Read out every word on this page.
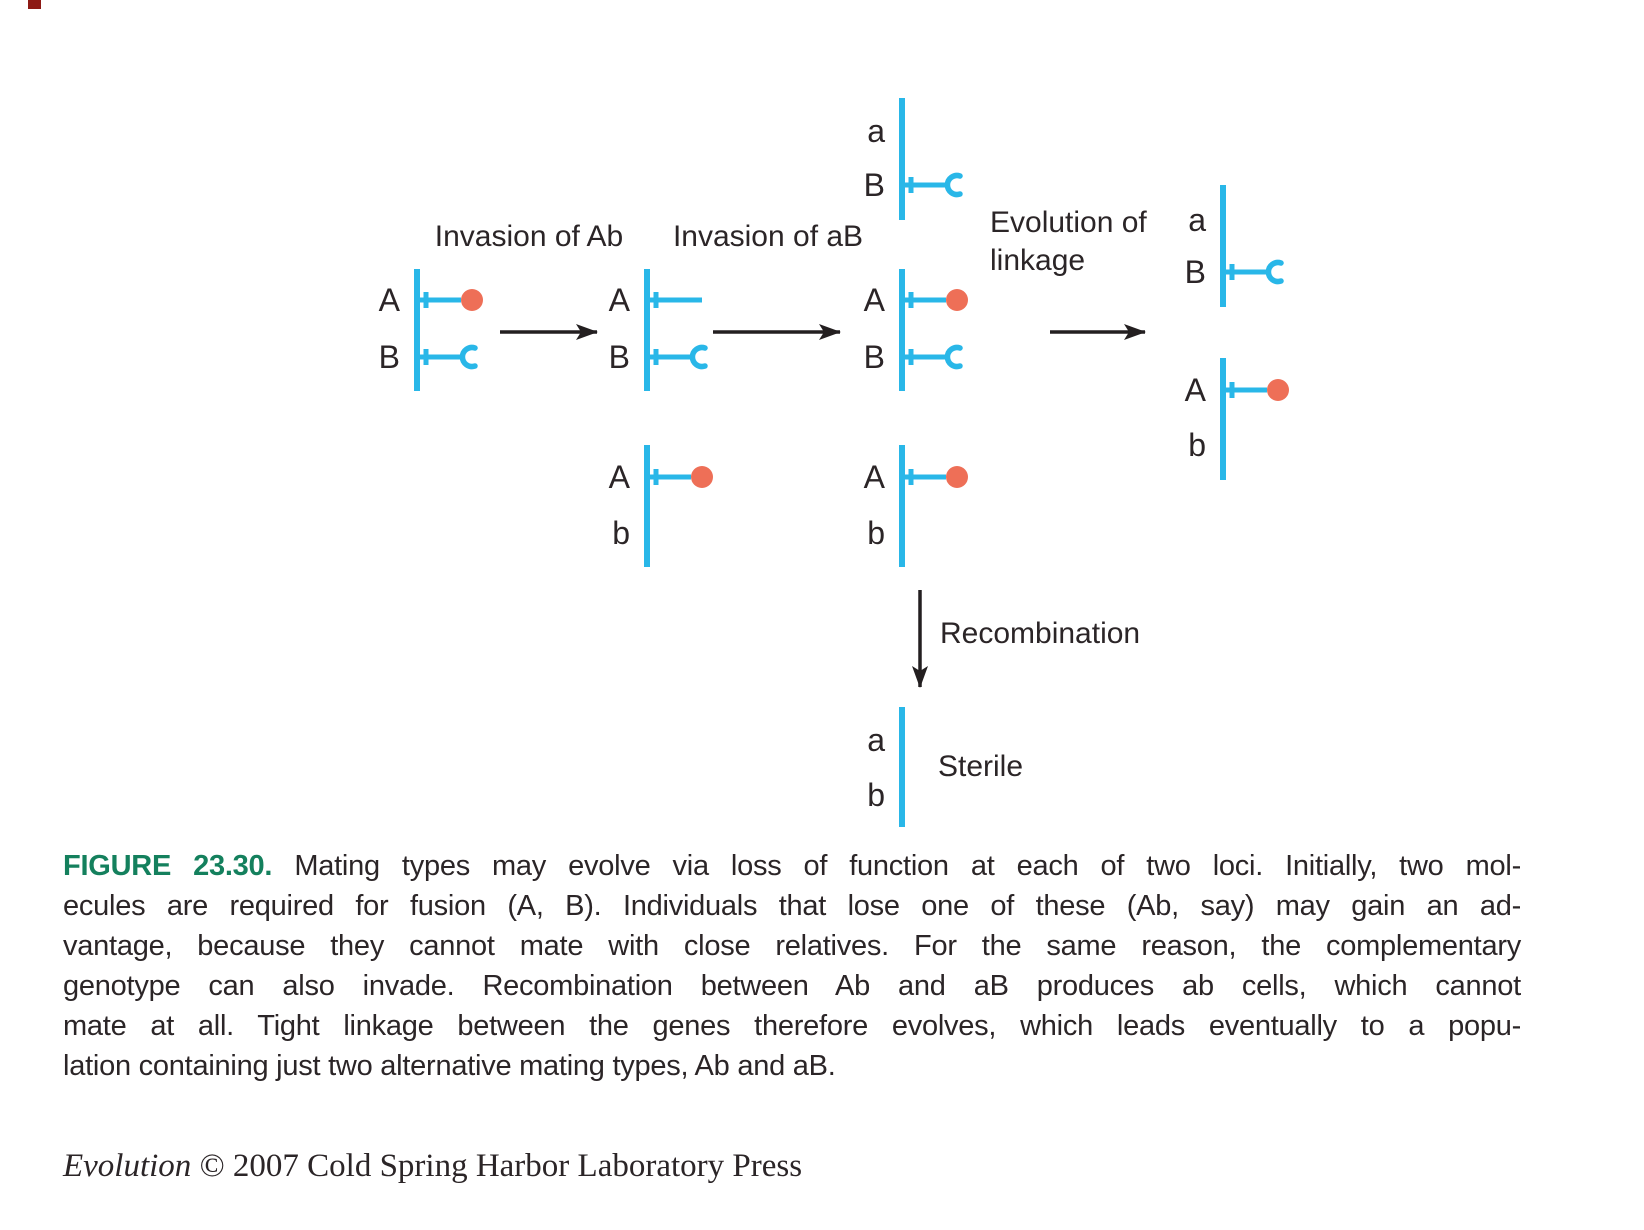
A
B
A
B
A
b
a
B
A
B
A
b
a
B
A
b
a
b
Invasion of Ab Invasion of aB	Evolution of linkage
Recombination
Sterile
FIGURE 23.30. Mating types may evolve via loss of function at each of two loci. Initially, two mol-
ecules are required for fusion (A, B). Individuals that lose one of these (Ab, say) may gain an ad-
vantage, because they cannot mate with close relatives. For the same reason, the complementary
genotype can also invade. Recombination between Ab and aB produces ab cells, which cannot
mate at all. Tight linkage between the genes therefore evolves, which leads eventually to a popu-
lation containing just two alternative mating types, Ab and aB.
Evolution © 2007 Cold Spring Harbor Laboratory Press
